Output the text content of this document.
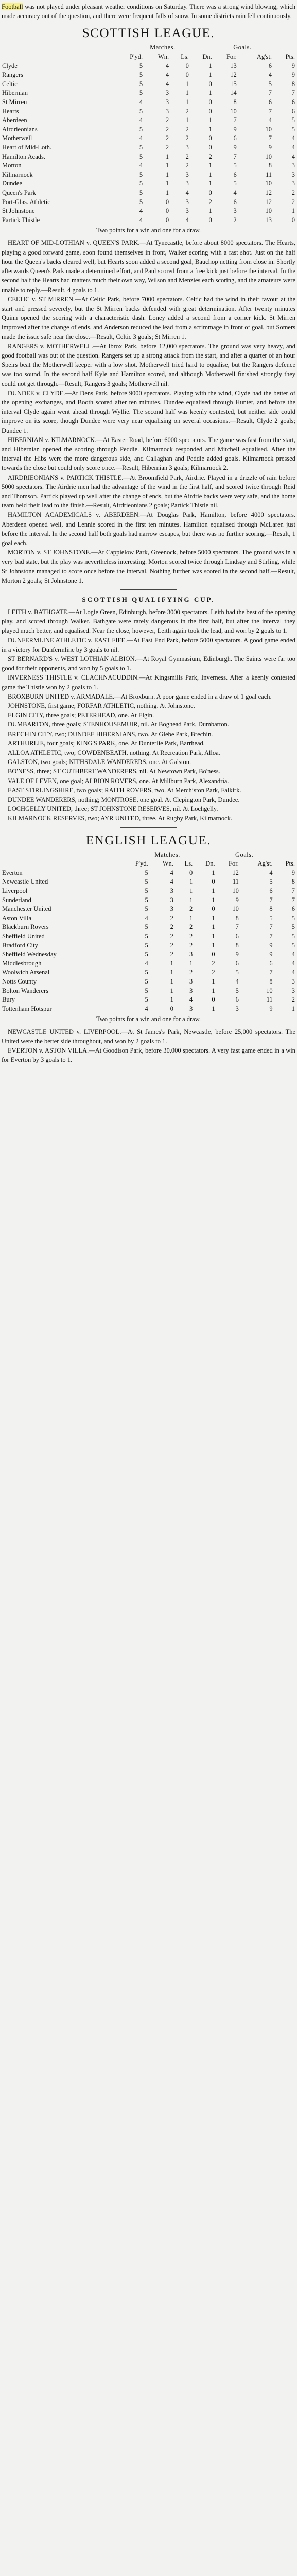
Football was not played under pleasant weather conditions on Saturday. There was a strong wind blowing, which made accuracy out of the question, and there were frequent falls of snow. In some districts rain fell continuously.

SCOTTISH LEAGUE.
	Matches.				Goals.		
	P'yd.	Wn.	Ls.	Dn.	For.	Ag'st.	Pts.
Clyde	5	4	0	1	13	6	9
Rangers	5	4	0	1	12	4	9
Celtic	5	4	1	0	15	5	8
Hibernian	5	3	1	1	14	7	7
St Mirren	4	3	1	0	8	6	6
Hearts	5	3	2	0	10	7	6
Aberdeen	4	2	1	1	7	4	5
Airdrieonians	5	2	2	1	9	10	5
Motherwell	4	2	2	0	6	7	4
Heart of Mid-Loth.	5	2	3	0	9	9	4
Hamilton Acads.	5	1	2	2	7	10	4
Morton	4	1	2	1	5	8	3
Kilmarnock	5	1	3	1	6	11	3
Dundee	5	1	3	1	5	10	3
Queen's Park	5	1	4	0	4	12	2
Port-Glas. Athletic	5	0	3	2	6	12	2
St Johnstone	4	0	3	1	3	10	1
Partick Thistle	4	0	4	0	2	13	0
Two points for a win and one for a draw.

HEART OF MID-LOTHIAN v. QUEEN'S PARK.—At Tynecastle, before about 8000 spectators. The Hearts, playing a good forward game, soon found themselves in front, Walker scoring with a fast shot. Just on the half hour the Queen's backs cleared well, but Hearts soon added a second goal, Bauchop netting from close in. Shortly afterwards Queen's Park made a determined effort, and Paul scored from a free kick just before the interval. In the second half the Hearts had matters much their own way, Wilson and Menzies each scoring, and the amateurs were unable to reply.—Result, 4 goals to 1.

CELTIC v. ST MIRREN.—At Celtic Park, before 7000 spectators. Celtic had the wind in their favour at the start and pressed severely, but the St Mirren backs defended with great determination. After twenty minutes Quinn opened the scoring with a characteristic dash. Loney added a second from a corner kick. St Mirren improved after the change of ends, and Anderson reduced the lead from a scrimmage in front of goal, but Somers made the issue safe near the close.—Result, Celtic 3 goals; St Mirren 1.

RANGERS v. MOTHERWELL.—At Ibrox Park, before 12,000 spectators. The ground was very heavy, and good football was out of the question. Rangers set up a strong attack from the start, and after a quarter of an hour Speirs beat the Motherwell keeper with a low shot. Motherwell tried hard to equalise, but the Rangers defence was too sound. In the second half Kyle and Hamilton scored, and although Motherwell finished strongly they could not get through.—Result, Rangers 3 goals; Motherwell nil.

DUNDEE v. CLYDE.—At Dens Park, before 9000 spectators. Playing with the wind, Clyde had the better of the opening exchanges, and Booth scored after ten minutes. Dundee equalised through Hunter, and before the interval Clyde again went ahead through Wyllie. The second half was keenly contested, but neither side could improve on its score, though Dundee were very near equalising on several occasions.—Result, Clyde 2 goals; Dundee 1.

HIBERNIAN v. KILMARNOCK.—At Easter Road, before 6000 spectators. The game was fast from the start, and Hibernian opened the scoring through Peddie. Kilmarnock responded and Mitchell equalised. After the interval the Hibs were the more dangerous side, and Callaghan and Peddie added goals. Kilmarnock pressed towards the close but could only score once.—Result, Hibernian 3 goals; Kilmarnock 2.

AIRDRIEONIANS v. PARTICK THISTLE.—At Broomfield Park, Airdrie. Played in a drizzle of rain before 5000 spectators. The Airdrie men had the advantage of the wind in the first half, and scored twice through Reid and Thomson. Partick played up well after the change of ends, but the Airdrie backs were very safe, and the home team held their lead to the finish.—Result, Airdrieonians 2 goals; Partick Thistle nil.

HAMILTON ACADEMICALS v. ABERDEEN.—At Douglas Park, Hamilton, before 4000 spectators. Aberdeen opened well, and Lennie scored in the first ten minutes. Hamilton equalised through McLaren just before the interval. In the second half both goals had narrow escapes, but there was no further scoring.—Result, 1 goal each.

MORTON v. ST JOHNSTONE.—At Cappielow Park, Greenock, before 5000 spectators. The ground was in a very bad state, but the play was nevertheless interesting. Morton scored twice through Lindsay and Stirling, while St Johnstone managed to score once before the interval. Nothing further was scored in the second half.—Result, Morton 2 goals; St Johnstone 1.

SCOTTISH QUALIFYING CUP.

LEITH v. BATHGATE.—At Logie Green, Edinburgh, before 3000 spectators. Leith had the best of the opening play, and scored through Walker. Bathgate were rarely dangerous in the first half, but after the interval they played much better, and equalised. Near the close, however, Leith again took the lead, and won by 2 goals to 1.

DUNFERMLINE ATHLETIC v. EAST FIFE.—At East End Park, before 5000 spectators. A good game ended in a victory for Dunfermline by 3 goals to nil.

ST BERNARD'S v. WEST LOTHIAN ALBION.—At Royal Gymnasium, Edinburgh. The Saints were far too good for their opponents, and won by 5 goals to 1.

INVERNESS THISTLE v. CLACHNACUDDIN.—At Kingsmills Park, Inverness. After a keenly contested game the Thistle won by 2 goals to 1.

BROXBURN UNITED v. ARMADALE.—At Broxburn. A poor game ended in a draw of 1 goal each.

JOHNSTONE, first game; FORFAR ATHLETIC, nothing. At Johnstone.

ELGIN CITY, three goals; PETERHEAD, one. At Elgin.

DUMBARTON, three goals; STENHOUSEMUIR, nil. At Boghead Park, Dumbarton.

BRECHIN CITY, two; DUNDEE HIBERNIANS, two. At Glebe Park, Brechin.

ARTHURLIE, four goals; KING'S PARK, one. At Dunterlie Park, Barrhead.

ALLOA ATHLETIC, two; COWDENBEATH, nothing. At Recreation Park, Alloa.

GALSTON, two goals; NITHSDALE WANDERERS, one. At Galston.

BO'NESS, three; ST CUTHBERT WANDERERS, nil. At Newtown Park, Bo'ness.

VALE OF LEVEN, one goal; ALBION ROVERS, one. At Millburn Park, Alexandria.

EAST STIRLINGSHIRE, two goals; RAITH ROVERS, two. At Merchiston Park, Falkirk.

DUNDEE WANDERERS, nothing; MONTROSE, one goal. At Clepington Park, Dundee.

LOCHGELLY UNITED, three; ST JOHNSTONE RESERVES, nil. At Lochgelly.

KILMARNOCK RESERVES, two; AYR UNITED, three. At Rugby Park, Kilmarnock.

ENGLISH LEAGUE.
	Matches.				Goals.		
	P'yd.	Wn.	Ls.	Dn.	For.	Ag'st.	Pts.
Everton	5	4	0	1	12	4	9
Newcastle United	5	4	1	0	11	5	8
Liverpool	5	3	1	1	10	6	7
Sunderland	5	3	1	1	9	7	7
Manchester United	5	3	2	0	10	8	6
Aston Villa	4	2	1	1	8	5	5
Blackburn Rovers	5	2	2	1	7	7	5
Sheffield United	5	2	2	1	6	7	5
Bradford City	5	2	2	1	8	9	5
Sheffield Wednesday	5	2	3	0	9	9	4
Middlesbrough	4	1	1	2	6	6	4
Woolwich Arsenal	5	1	2	2	5	7	4
Notts County	5	1	3	1	4	8	3
Bolton Wanderers	5	1	3	1	5	10	3
Bury	5	1	4	0	6	11	2
Tottenham Hotspur	4	0	3	1	3	9	1
Two points for a win and one for a draw.

NEWCASTLE UNITED v. LIVERPOOL.—At St James's Park, Newcastle, before 25,000 spectators. The United were the better side throughout, and won by 2 goals to 1.

EVERTON v. ASTON VILLA.—At Goodison Park, before 30,000 spectators. A very fast game ended in a win for Everton by 3 goals to 1.
